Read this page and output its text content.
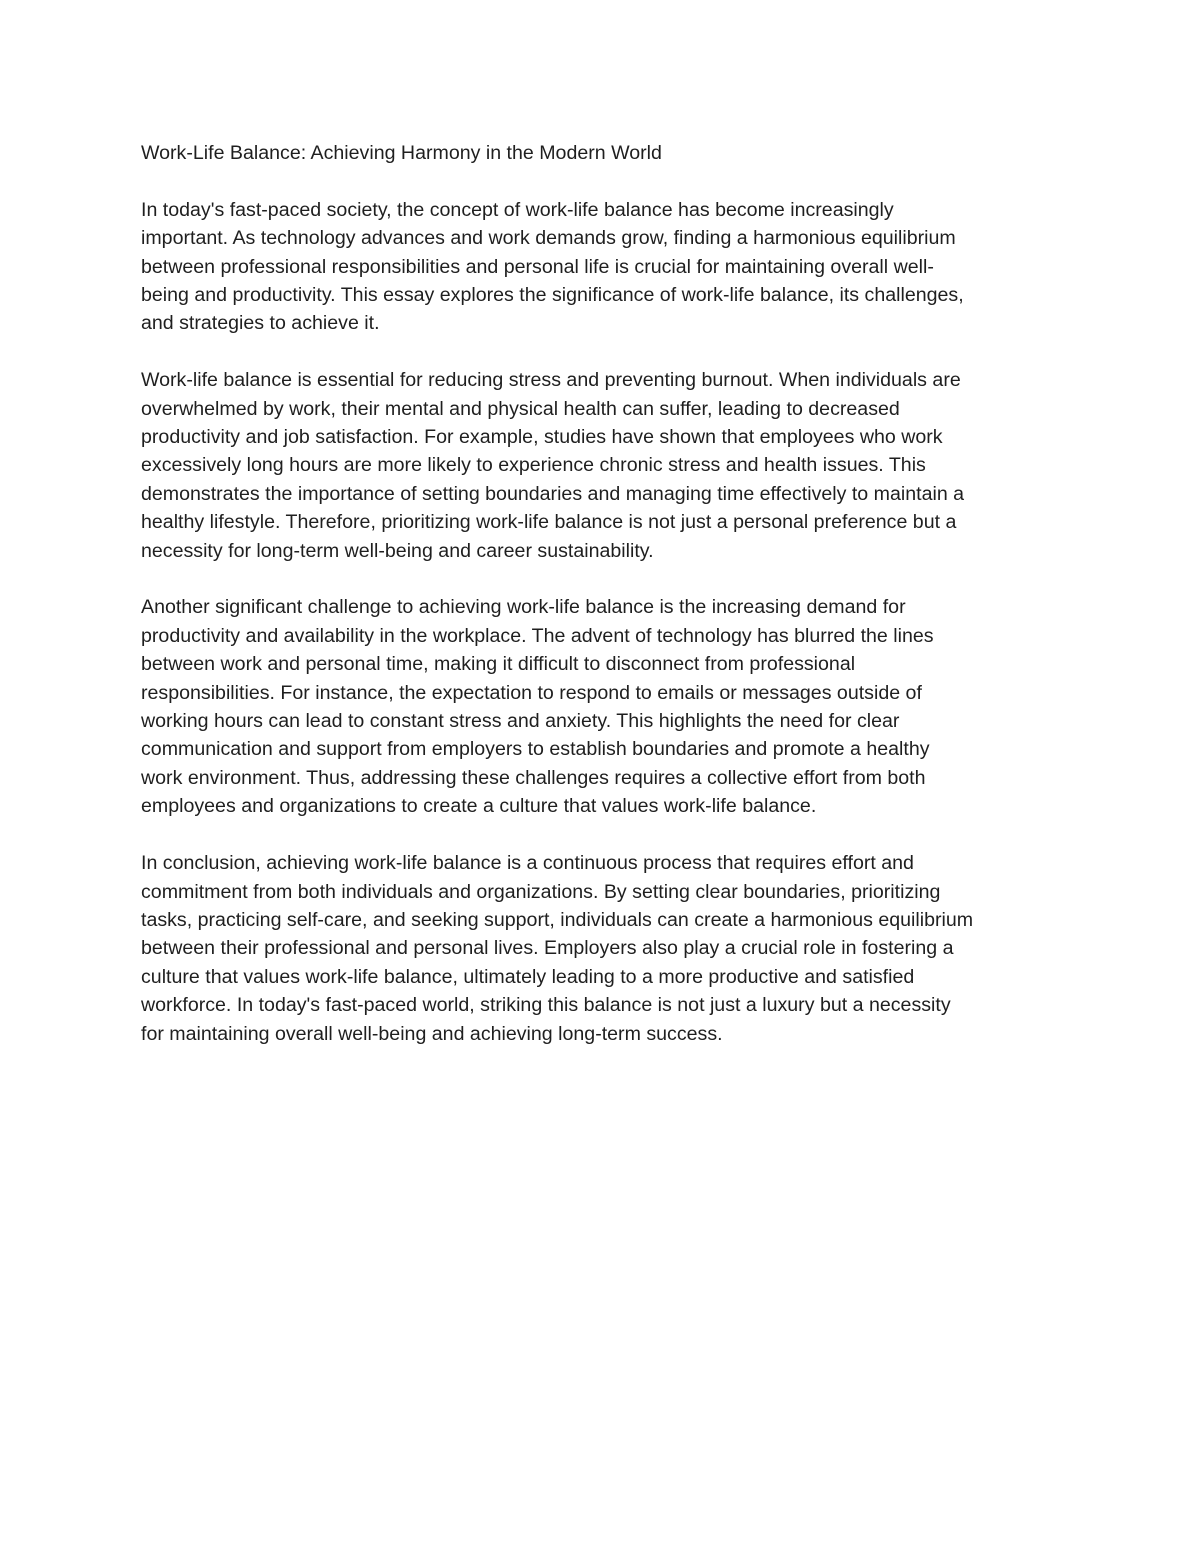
Work-Life Balance: Achieving Harmony in the Modern World

In today's fast-paced society, the concept of work-life balance has become increasingly
important. As technology advances and work demands grow, finding a harmonious equilibrium
between professional responsibilities and personal life is crucial for maintaining overall well-
being and productivity. This essay explores the significance of work-life balance, its challenges,
and strategies to achieve it.

Work-life balance is essential for reducing stress and preventing burnout. When individuals are
overwhelmed by work, their mental and physical health can suffer, leading to decreased
productivity and job satisfaction. For example, studies have shown that employees who work
excessively long hours are more likely to experience chronic stress and health issues. This
demonstrates the importance of setting boundaries and managing time effectively to maintain a
healthy lifestyle. Therefore, prioritizing work-life balance is not just a personal preference but a
necessity for long-term well-being and career sustainability.

Another significant challenge to achieving work-life balance is the increasing demand for
productivity and availability in the workplace. The advent of technology has blurred the lines
between work and personal time, making it difficult to disconnect from professional
responsibilities. For instance, the expectation to respond to emails or messages outside of
working hours can lead to constant stress and anxiety. This highlights the need for clear
communication and support from employers to establish boundaries and promote a healthy
work environment. Thus, addressing these challenges requires a collective effort from both
employees and organizations to create a culture that values work-life balance.

In conclusion, achieving work-life balance is a continuous process that requires effort and
commitment from both individuals and organizations. By setting clear boundaries, prioritizing
tasks, practicing self-care, and seeking support, individuals can create a harmonious equilibrium
between their professional and personal lives. Employers also play a crucial role in fostering a
culture that values work-life balance, ultimately leading to a more productive and satisfied
workforce. In today's fast-paced world, striking this balance is not just a luxury but a necessity
for maintaining overall well-being and achieving long-term success.
